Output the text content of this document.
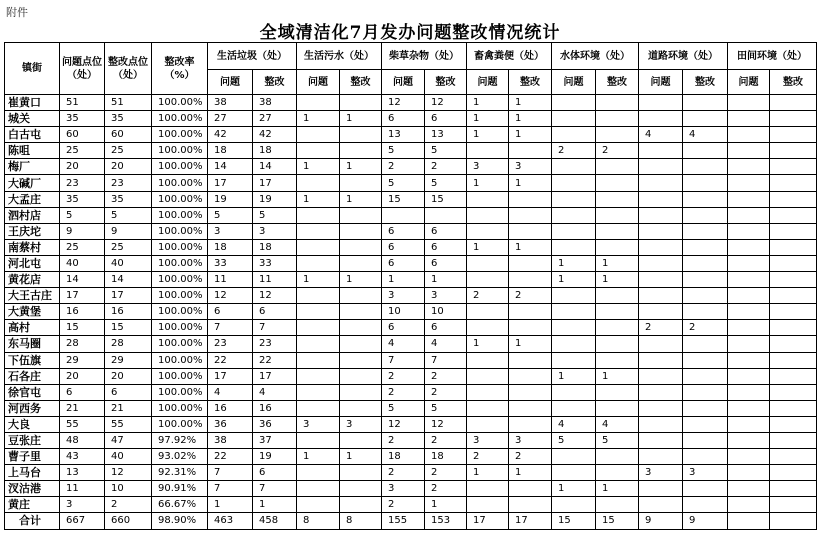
附件
全域清洁化7月发办问题整改情况统计
镇街	问题点位（处）	整改点位（处）	整改率（%）	生活垃圾（处）		生活污水（处）		柴草杂物（处）		畜禽粪便（处）		水体环境（处）		道路环境（处）		田间环境（处）	
				问题	整改	问题	整改	问题	整改	问题	整改	问题	整改	问题	整改	问题	整改
崔黄口	51	51	100.00%	38	38			12	12	1	1						
城关	35	35	100.00%	27	27	1	1	6	6	1	1						
白古屯	60	60	100.00%	42	42			13	13	1	1			4	4		
陈咀	25	25	100.00%	18	18			5	5			2	2				
梅厂	20	20	100.00%	14	14	1	1	2	2	3	3						
大碱厂	23	23	100.00%	17	17			5	5	1	1						
大孟庄	35	35	100.00%	19	19	1	1	15	15								
泗村店	5	5	100.00%	5	5												
王庆坨	9	9	100.00%	3	3			6	6								
南蔡村	25	25	100.00%	18	18			6	6	1	1						
河北屯	40	40	100.00%	33	33			6	6			1	1				
黄花店	14	14	100.00%	11	11	1	1	1	1			1	1				
大王古庄	17	17	100.00%	12	12			3	3	2	2						
大黄堡	16	16	100.00%	6	6			10	10								
高村	15	15	100.00%	7	7			6	6					2	2		
东马圈	28	28	100.00%	23	23			4	4	1	1						
下伍旗	29	29	100.00%	22	22			7	7								
石各庄	20	20	100.00%	17	17			2	2			1	1				
徐官屯	6	6	100.00%	4	4			2	2								
河西务	21	21	100.00%	16	16			5	5								
大良	55	55	100.00%	36	36	3	3	12	12			4	4				
豆张庄	48	47	97.92%	38	37			2	2	3	3	5	5				
曹子里	43	40	93.02%	22	19	1	1	18	18	2	2						
上马台	13	12	92.31%	7	6			2	2	1	1			3	3		
汊沽港	11	10	90.91%	7	7			3	2			1	1				
黄庄	3	2	66.67%	1	1			2	1								
合计	667	660	98.90%	463	458	8	8	155	153	17	17	15	15	9	9		
